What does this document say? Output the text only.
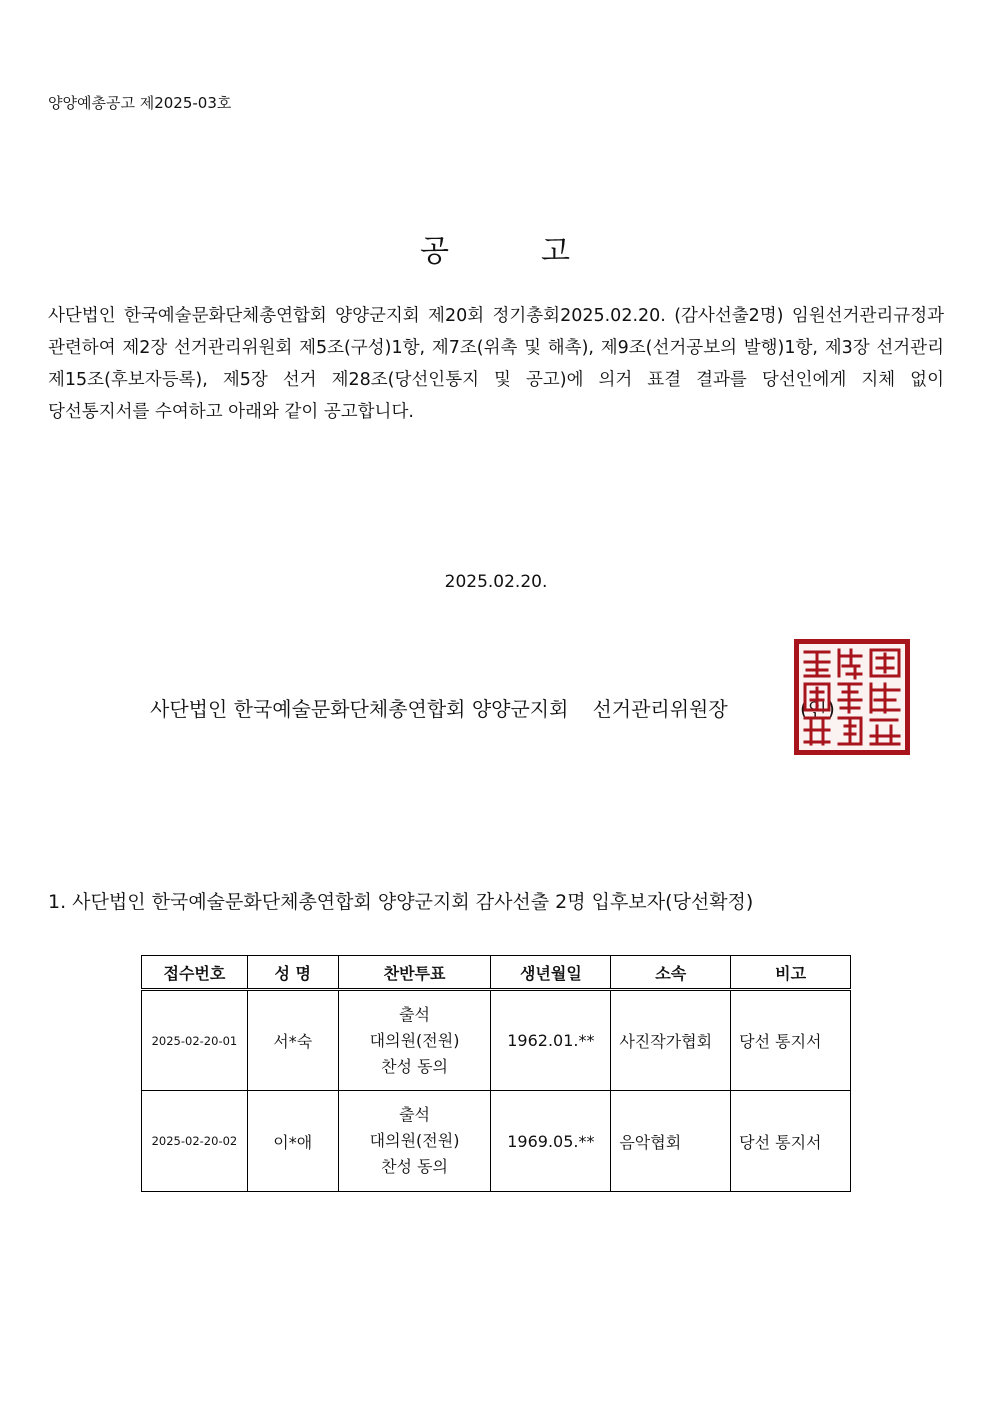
양양예총공고 제2025-03호
공	고
사단법인 한국예술문화단체총연합회 양양군지회 제20회 정기총회2025.02.20. (감사선출2명) 임원선거관리규정과 관련하여 제2장 선거관리위원회 제5조(구성)1항, 제7조(위촉 및 해촉), 제9조(선거공보의 발행)1항, 제3장 선거관리 제15조(후보자등록), 제5장 선거 제28조(당선인통지 및 공고)에 의거 표결 결과를 당선인에게 지체 없이 당선통지서를 수여하고 아래와 같이 공고합니다.
2025.02.20.
사단법인 한국예술문화단체총연합회 양양군지회 선거관리위원장	(인)
1. 사단법인 한국예술문화단체총연합회 양양군지회 감사선출 2명 입후보자(당선확정)
접수번호	성 명	찬반투표	생년월일	소속	비고
2025-02-20-01	서*숙	출석
대의원(전원)
찬성 동의	1962.01.**	사진작가협회	당선 통지서
2025-02-20-02	이*애	출석
대의원(전원)
찬성 동의	1969.05.**	음악협회	당선 통지서
